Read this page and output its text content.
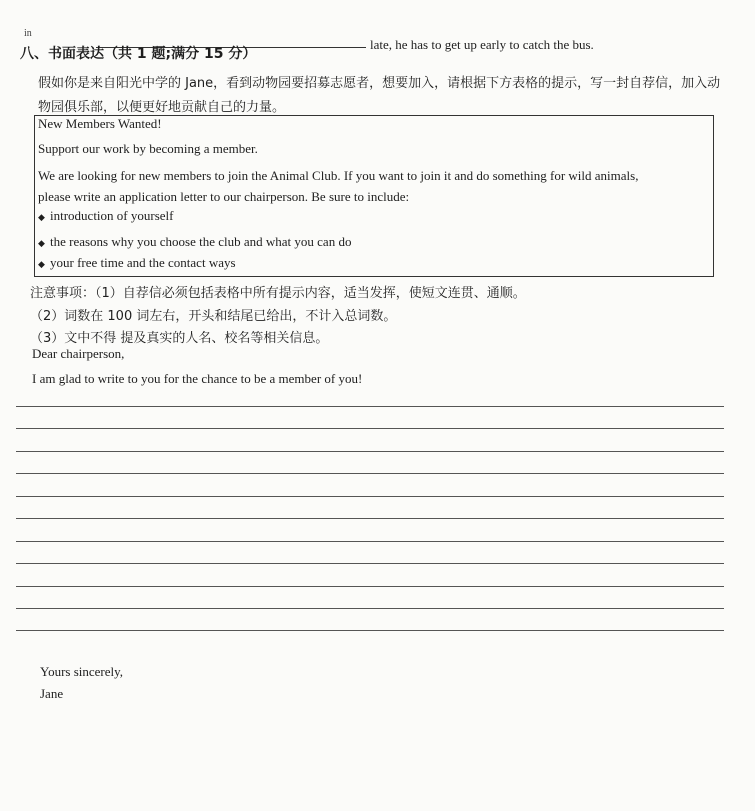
in
late, he has to get up early to catch the bus.
八、书面表达（共 1 题;满分 15 分）
假如你是来自阳光中学的 Jane，看到动物园要招募志愿者，想要加入，请根据下方表格的提示，写一封自荐信，加入动物园俱乐部，以便更好地贡献自己的力量。
New Members Wanted!
Support our work by becoming a member.
We are looking for new members to join the Animal Club. If you want to join it and do something for wild animals,
please write an application letter to our chairperson. Be sure to include:
◆ introduction of yourself
◆ the reasons why you choose the club and what you can do
◆ your free time and the contact ways
注意事项：（1）自荐信必须包括表格中所有提示内容，适当发挥，使短文连贯、通顺。
（2）词数在 100 词左右，开头和结尾已给出，不计入总词数。
（3）文中不得 提及真实的人名、校名等相关信息。
Dear chairperson,
I am glad to write to you for the chance to be a member of you!
Yours sincerely,
Jane
